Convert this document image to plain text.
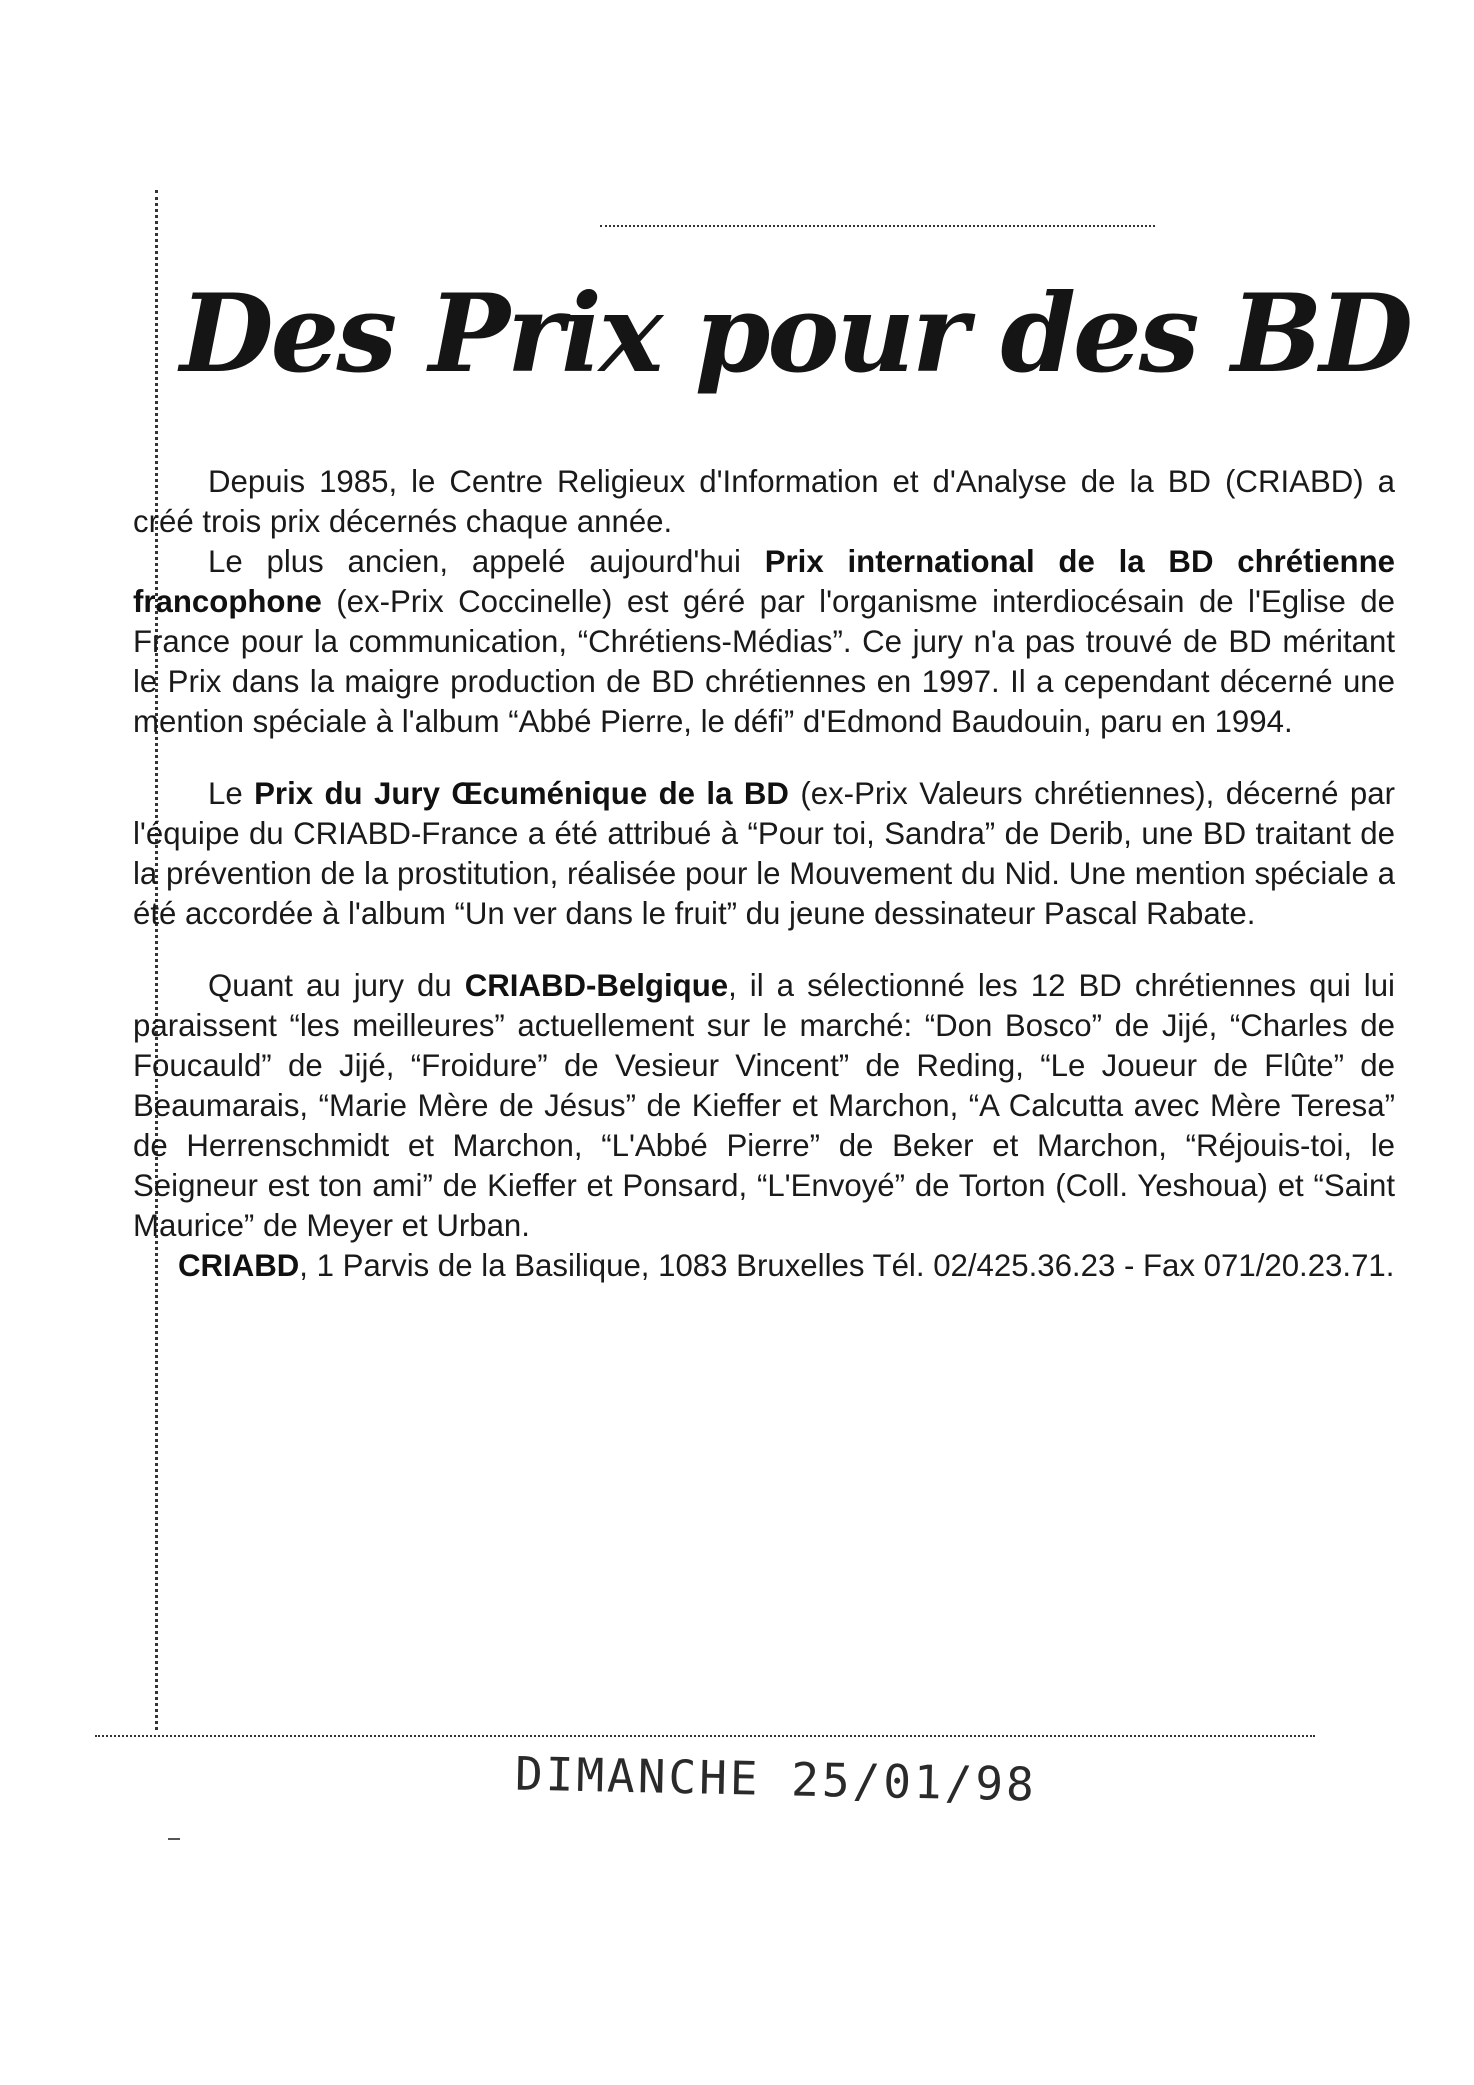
Des Prix pour des BD

Depuis 1985, le Centre Religieux d'Information et d'Analyse de la BD (CRIABD) a créé trois prix décernés chaque année.

Le plus ancien, appelé aujourd'hui Prix international de la BD chrétienne francophone (ex-Prix Coccinelle) est géré par l'organisme interdiocésain de l'Eglise de France pour la communication, “Chrétiens-Médias”. Ce jury n'a pas trouvé de BD méritant le Prix dans la maigre production de BD chrétiennes en 1997. Il a cependant décerné une mention spéciale à l'album “Abbé Pierre, le défi” d'Edmond Baudouin, paru en 1994.

Le Prix du Jury Œcuménique de la BD (ex-Prix Valeurs chrétiennes), décerné par l'équipe du CRIABD-France a été attribué à “Pour toi, Sandra” de Derib, une BD traitant de la prévention de la prostitution, réalisée pour le Mouvement du Nid. Une mention spéciale a été accordée à l'album “Un ver dans le fruit” du jeune dessinateur Pascal Rabate.

Quant au jury du CRIABD-Belgique, il a sélectionné les 12 BD chrétiennes qui lui paraissent “les meilleures” actuellement sur le marché: “Don Bosco” de Jijé, “Charles de Foucauld” de Jijé, “Froidure” de Vesieur Vincent” de Reding, “Le Joueur de Flûte” de Beaumarais, “Marie Mère de Jésus” de Kieffer et Marchon, “A Calcutta avec Mère Teresa” de Herrenschmidt et Marchon, “L'Abbé Pierre” de Beker et Marchon, “Réjouis-toi, le Seigneur est ton ami” de Kieffer et Ponsard, “L'Envoyé” de Torton (Coll. Yeshoua) et “Saint Maurice” de Meyer et Urban.

CRIABD, 1 Parvis de la Basilique, 1083 Bruxelles Tél. 02/425.36.23 - Fax 071/20.23.71.

DIMANCHE 25/01/98
